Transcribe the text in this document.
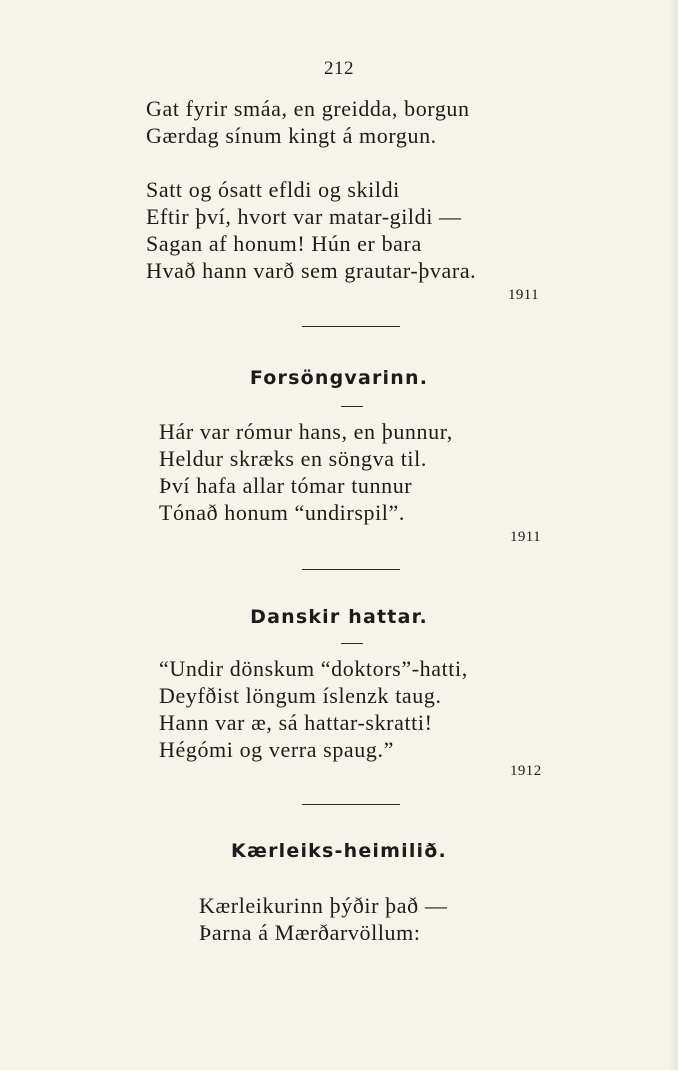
212
Gat fyrir smáa, en greidda, borgun
Gærdag sínum kingt á morgun.
Satt og ósatt efldi og skildi
Eftir því, hvort var matar-gildi —
Sagan af honum! Hún er bara
Hvað hann varð sem grautar-þvara.
1911
Forsöngvarinn.
Hár var rómur hans, en þunnur,
Heldur skræks en söngva til.
Því hafa allar tómar tunnur
Tónað honum “undirspil”.
1911
Danskir hattar.
“Undir dönskum “doktors”-hatti,
Deyfðist löngum íslenzk taug.
Hann var æ, sá hattar-skratti!
Hégómi og verra spaug.”
1912
Kærleiks-heimilið.
Kærleikurinn þýðir það —
Þarna á Mærðarvöllum:
